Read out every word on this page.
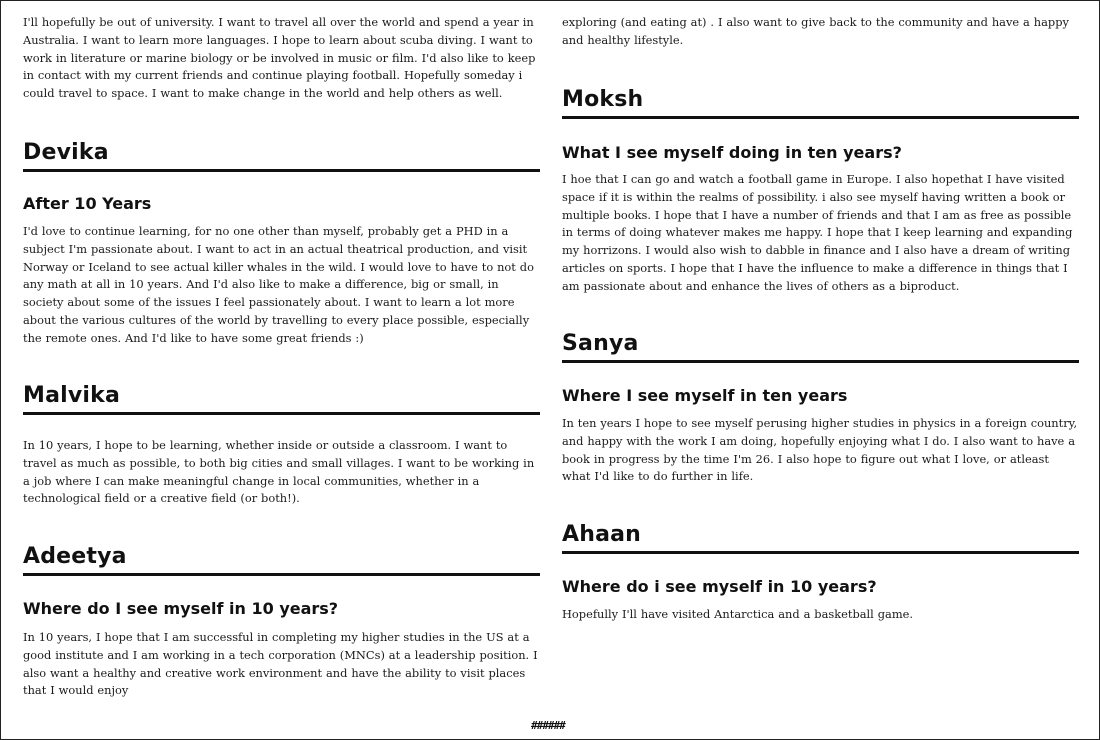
I'll hopefully be out of university. I want to travel all over the world and spend a year in Australia. I want to learn more languages. I hope to learn about scuba diving. I want to work in literature or marine biology or be involved in music or film. I'd also like to keep in contact with my current friends and continue playing football. Hopefully someday i could travel to space. I want to make change in the world and help others as well.

Devika
After 10 Years

I'd love to continue learning, for no one other than myself, probably get a PHD in a subject I'm passionate about. I want to act in an actual theatrical production, and visit Norway or Iceland to see actual killer whales in the wild. I would love to have to not do any math at all in 10 years. And I'd also like to make a difference, big or small, in society about some of the issues I feel passionately about. I want to learn a lot more about the various cultures of the world by travelling to every place possible, especially the remote ones. And I'd like to have some great friends :)

Malvika

In 10 years, I hope to be learning, whether inside or outside a classroom. I want to travel as much as possible, to both big cities and small villages. I want to be working in a job where I can make meaningful change in local communities, whether in a technological field or a creative field (or both!).

Adeetya
Where do I see myself in 10 years?

In 10 years, I hope that I am successful in completing my higher studies in the US at a good institute and I am working in a tech corporation (MNCs) at a leadership position. I also want a healthy and creative work environment and have the ability to visit places that I would enjoy

exploring (and eating at) . I also want to give back to the community and have a happy and healthy lifestyle.

Moksh
What I see myself doing in ten years?

I hoe that I can go and watch a football game in Europe. I also hopethat I have visited space if it is within the realms of possibility. i also see myself having written a book or multiple books. I hope that I have a number of friends and that I am as free as possible in terms of doing whatever makes me happy. I hope that I keep learning and expanding my horrizons. I would also wish to dabble in finance and I also have a dream of writing articles on sports. I hope that I have the influence to make a difference in things that I am passionate about and enhance the lives of others as a biproduct.

Sanya
Where I see myself in ten years

In ten years I hope to see myself perusing higher studies in physics in a foreign country, and happy with the work I am doing, hopefully enjoying what I do. I also want to have a book in progress by the time I'm 26. I also hope to figure out what I love, or atleast what I'd like to do further in life.

Ahaan
Where do i see myself in 10 years?

Hopefully I'll have visited Antarctica and a basketball game.

######
